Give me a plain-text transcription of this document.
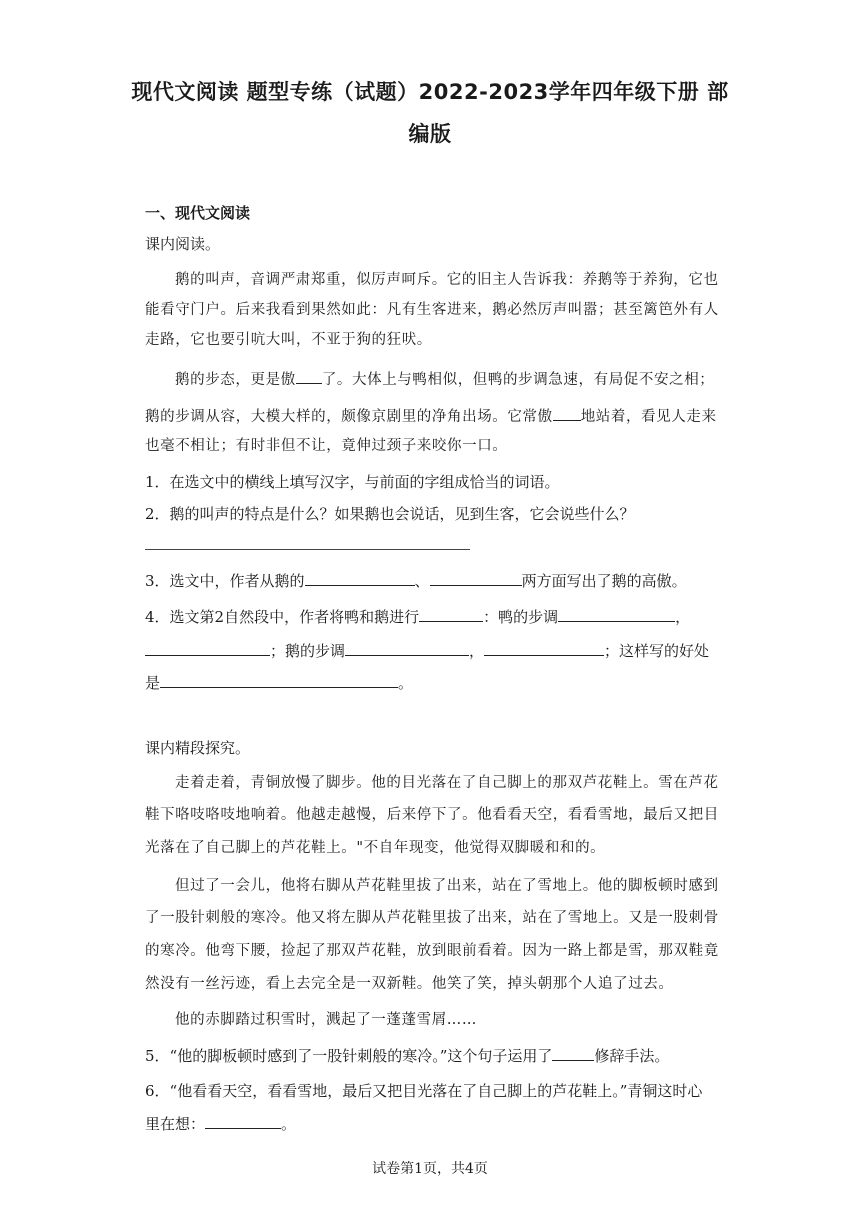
现代文阅读 题型专练（试题）2022-2023学年四年级下册 部
编版
一、现代文阅读
课内阅读。
鹅的叫声，音调严肃郑重，似厉声呵斥。它的旧主人告诉我：养鹅等于养狗，它也
能看守门户。后来我看到果然如此：凡有生客进来，鹅必然厉声叫嚣；甚至篱笆外有人
走路，它也要引吭大叫，不亚于狗的狂吠。
鹅的步态，更是傲 了。大体上与鸭相似，但鸭的步调急速，有局促不安之相；
鹅的步调从容，大模大样的，颇像京剧里的净角出场。它常傲 地站着，看见人走来
也毫不相让；有时非但不让，竟伸过颈子来咬你一口。
1．在选文中的横线上填写汉字，与前面的字组成恰当的词语。
2．鹅的叫声的特点是什么？如果鹅也会说话，见到生客，它会说些什么？
3．选文中，作者从鹅的	、	两方面写出了鹅的高傲。
4．选文第2自然段中，作者将鸭和鹅进行	：鸭的步调	，
；鹅的步调	，	；这样写的好处
是	。
课内精段探究。
走着走着，青铜放慢了脚步。他的目光落在了自己脚上的那双芦花鞋上。雪在芦花
鞋下咯吱咯吱地响着。他越走越慢，后来停下了。他看看天空，看看雪地，最后又把目
光落在了自己脚上的芦花鞋上。"不自年现变，他觉得双脚暖和和的。
但过了一会儿，他将右脚从芦花鞋里拔了出来，站在了雪地上。他的脚板顿时感到
了一股针刺般的寒冷。他又将左脚从芦花鞋里拔了出来，站在了雪地上。又是一股刺骨
的寒冷。他弯下腰，捡起了那双芦花鞋，放到眼前看着。因为一路上都是雪，那双鞋竟
然没有一丝污迹，看上去完全是一双新鞋。他笑了笑，掉头朝那个人追了过去。
他的赤脚踏过积雪时，溅起了一蓬蓬雪屑……
5．“他的脚板顿时感到了一股针刺般的寒冷。”这个句子运用了	修辞手法。
6．“他看看天空，看看雪地，最后又把目光落在了自己脚上的芦花鞋上。”青铜这时心
里在想：	。
试卷第1页，共4页
